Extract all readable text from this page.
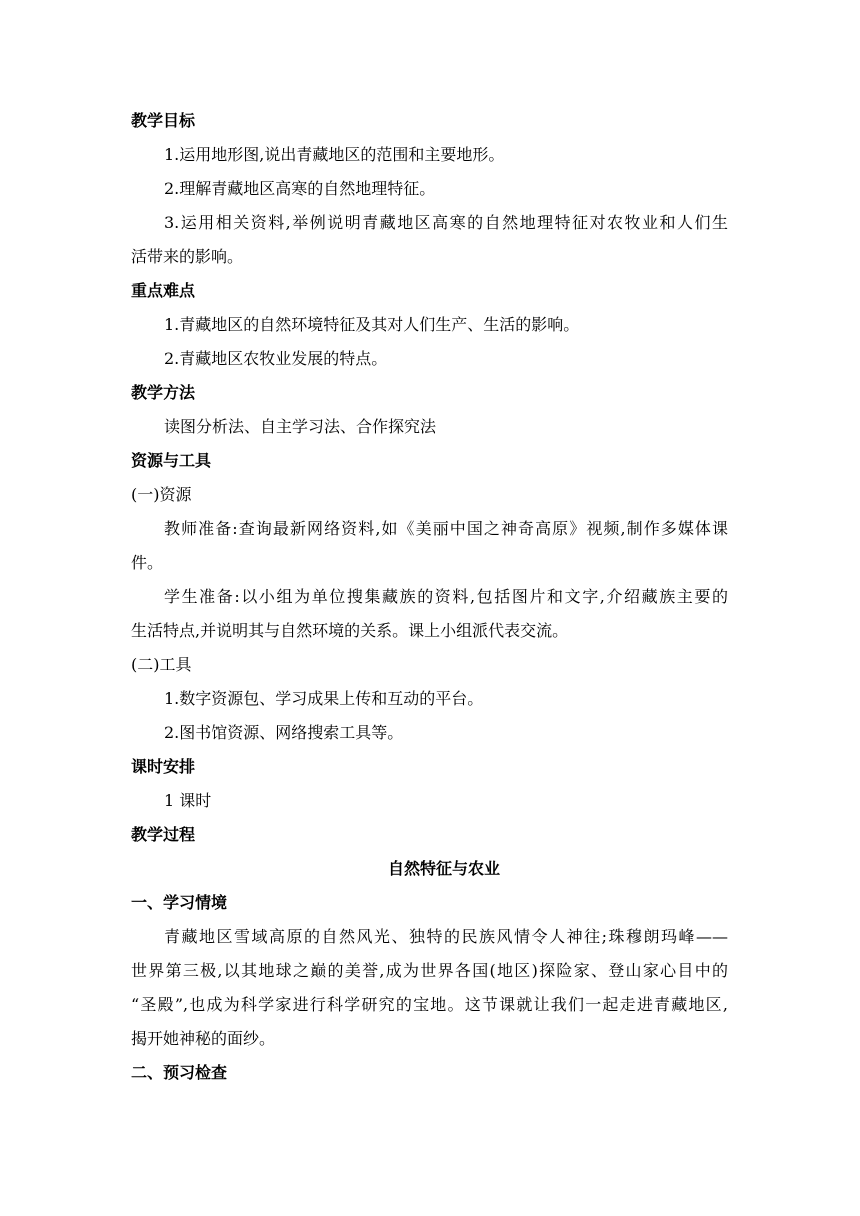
教学目标
1.运用地形图,说出青藏地区的范围和主要地形。
2.理解青藏地区高寒的自然地理特征。
3.运用相关资料,举例说明青藏地区高寒的自然地理特征对农牧业和人们生
活带来的影响。
重点难点
1.青藏地区的自然环境特征及其对人们生产、生活的影响。
2.青藏地区农牧业发展的特点。
教学方法
读图分析法、自主学习法、合作探究法
资源与工具
(一)资源
教师准备:查询最新网络资料,如《美丽中国之神奇高原》视频,制作多媒体课
件。
学生准备:以小组为单位搜集藏族的资料,包括图片和文字,介绍藏族主要的
生活特点,并说明其与自然环境的关系。课上小组派代表交流。
(二)工具
1.数字资源包、学习成果上传和互动的平台。
2.图书馆资源、网络搜索工具等。
课时安排
1 课时
教学过程
自然特征与农业
一、学习情境
青藏地区雪域高原的自然风光、独特的民族风情令人神往;珠穆朗玛峰——
世界第三极,以其地球之巅的美誉,成为世界各国(地区)探险家、登山家心目中的
“圣殿”,也成为科学家进行科学研究的宝地。这节课就让我们一起走进青藏地区,
揭开她神秘的面纱。
二、预习检查
